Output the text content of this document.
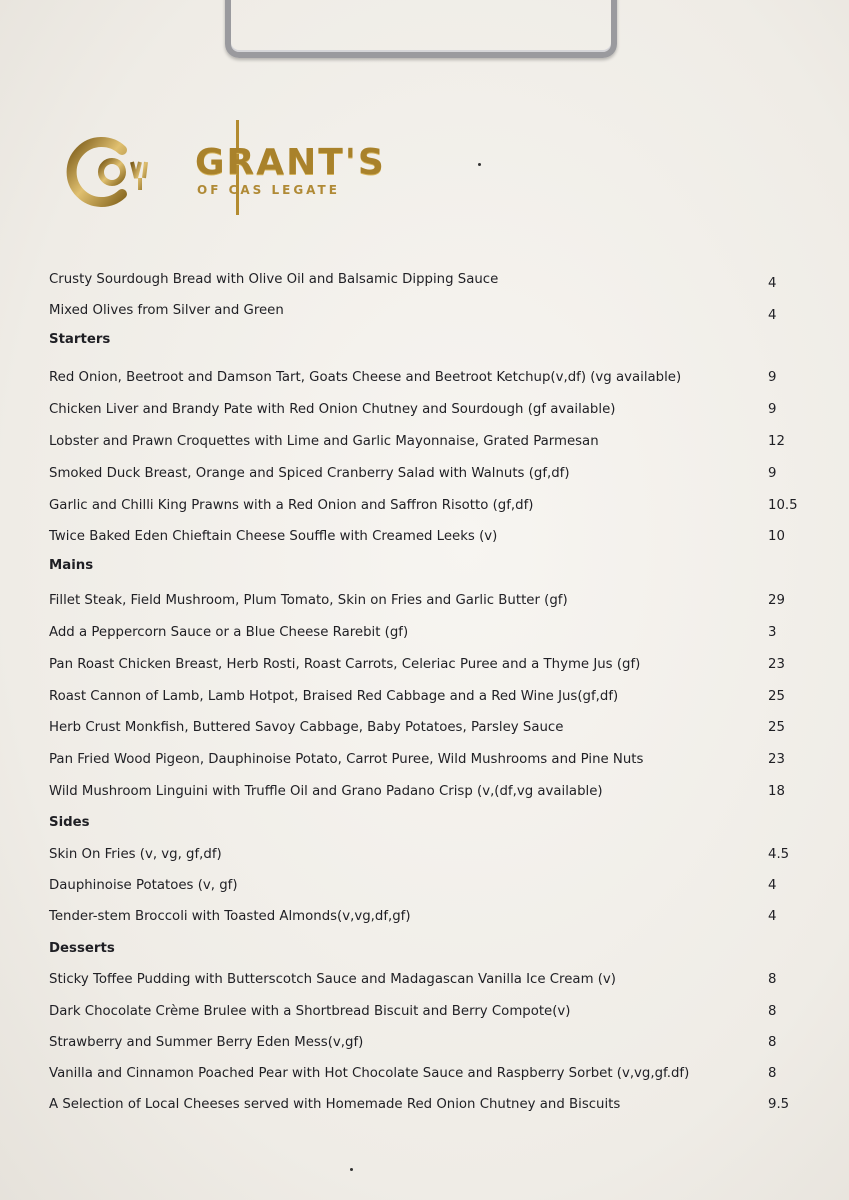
GRANT'S
OF CAS LEGATE
Crusty Sourdough Bread with Olive Oil and Balsamic Dipping Sauce	4
Mixed Olives from Silver and Green	4
Starters
Red Onion, Beetroot and Damson Tart, Goats Cheese and Beetroot Ketchup(v,df) (vg available)	9
Chicken Liver and Brandy Pate with Red Onion Chutney and Sourdough (gf available)	9
Lobster and Prawn Croquettes with Lime and Garlic Mayonnaise, Grated Parmesan	12
Smoked Duck Breast, Orange and Spiced Cranberry Salad with Walnuts (gf,df)	9
Garlic and Chilli King Prawns with a Red Onion and Saffron Risotto (gf,df)	10.5
Twice Baked Eden Chieftain Cheese Souffle with Creamed Leeks (v)	10
Mains
Fillet Steak, Field Mushroom, Plum Tomato, Skin on Fries and Garlic Butter (gf)	29
Add a Peppercorn Sauce or a Blue Cheese Rarebit (gf)	3
Pan Roast Chicken Breast, Herb Rosti, Roast Carrots, Celeriac Puree and a Thyme Jus (gf)	23
Roast Cannon of Lamb, Lamb Hotpot, Braised Red Cabbage and a Red Wine Jus(gf,df)	25
Herb Crust Monkfish, Buttered Savoy Cabbage, Baby Potatoes, Parsley Sauce	25
Pan Fried Wood Pigeon, Dauphinoise Potato, Carrot Puree, Wild Mushrooms and Pine Nuts	23
Wild Mushroom Linguini with Truffle Oil and Grano Padano Crisp (v,(df,vg available)	18
Sides
Skin On Fries (v, vg, gf,df)	4.5
Dauphinoise Potatoes (v, gf)	4
Tender-stem Broccoli with Toasted Almonds(v,vg,df,gf)	4
Desserts
Sticky Toffee Pudding with Butterscotch Sauce and Madagascan Vanilla Ice Cream (v)	8
Dark Chocolate Crème Brulee with a Shortbread Biscuit and Berry Compote(v)	8
Strawberry and Summer Berry Eden Mess(v,gf)	8
Vanilla and Cinnamon Poached Pear with Hot Chocolate Sauce and Raspberry Sorbet (v,vg,gf.df)	8
A Selection of Local Cheeses served with Homemade Red Onion Chutney and Biscuits	9.5
